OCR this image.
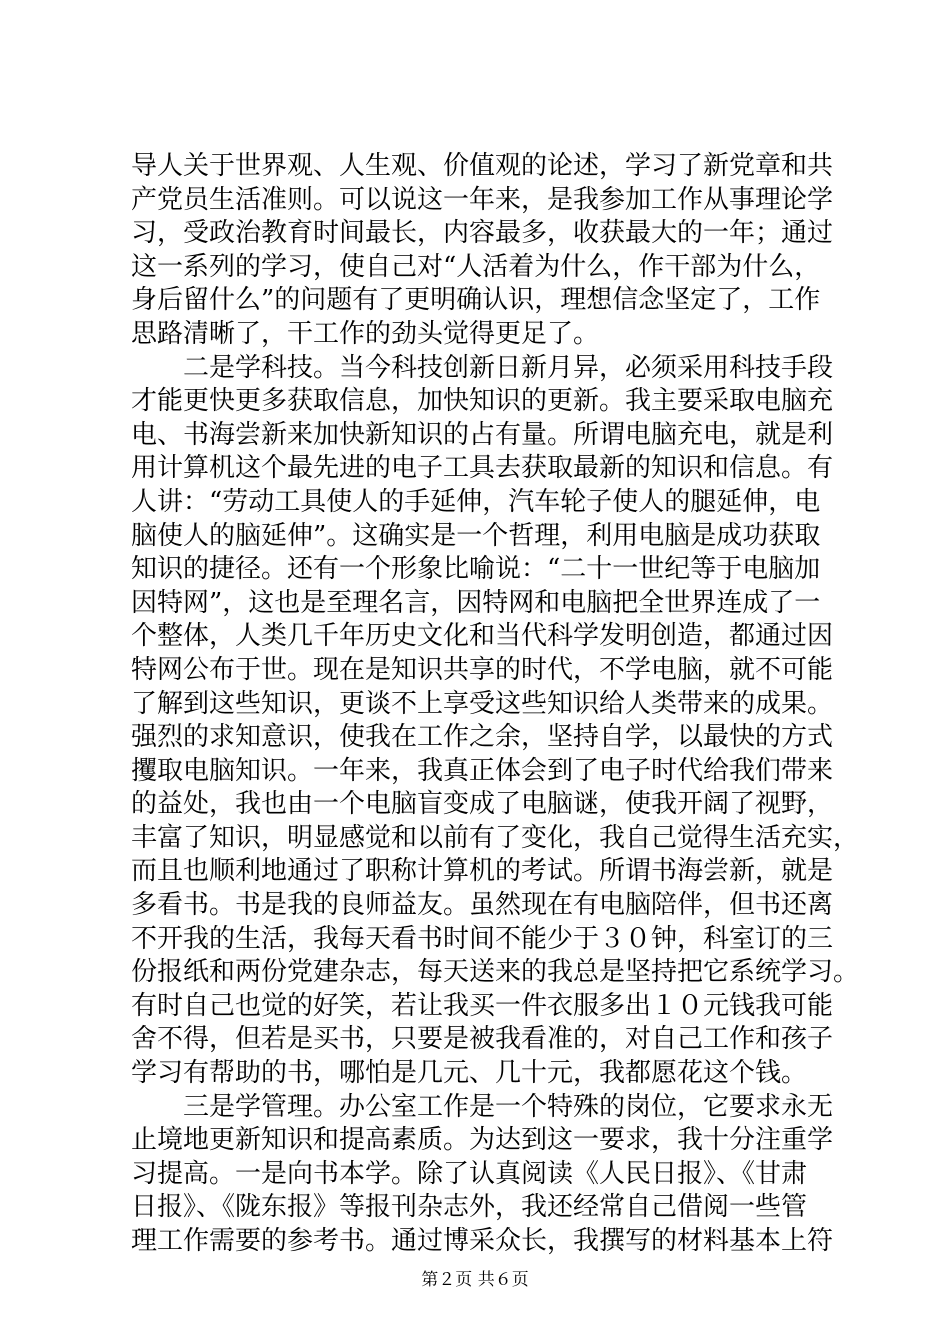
导人关于世界观、人生观、价值观的论述，学习了新党章和共
产党员生活准则。可以说这一年来，是我参加工作从事理论学
习，受政治教育时间最长，内容最多，收获最大的一年；通过
这一系列的学习，使自己对“人活着为什么，作干部为什么，
身后留什么”的问题有了更明确认识，理想信念坚定了，工作
思路清晰了，干工作的劲头觉得更足了。
　　二是学科技。当今科技创新日新月异，必须采用科技手段
才能更快更多获取信息，加快知识的更新。我主要采取电脑充
电、书海尝新来加快新知识的占有量。所谓电脑充电，就是利
用计算机这个最先进的电子工具去获取最新的知识和信息。有
人讲：“劳动工具使人的手延伸，汽车轮子使人的腿延伸，电
脑使人的脑延伸”。这确实是一个哲理，利用电脑是成功获取
知识的捷径。还有一个形象比喻说：“二十一世纪等于电脑加
因特网”，这也是至理名言，因特网和电脑把全世界连成了一
个整体，人类几千年历史文化和当代科学发明创造，都通过因
特网公布于世。现在是知识共享的时代，不学电脑，就不可能
了解到这些知识，更谈不上享受这些知识给人类带来的成果。
强烈的求知意识，使我在工作之余，坚持自学，以最快的方式
攫取电脑知识。一年来，我真正体会到了电子时代给我们带来
的益处，我也由一个电脑盲变成了电脑谜，使我开阔了视野，
丰富了知识，明显感觉和以前有了变化，我自己觉得生活充实，
而且也顺利地通过了职称计算机的考试。所谓书海尝新，就是
多看书。书是我的良师益友。虽然现在有电脑陪伴，但书还离
不开我的生活，我每天看书时间不能少于３０钟，科室订的三
份报纸和两份党建杂志，每天送来的我总是坚持把它系统学习。
有时自己也觉的好笑，若让我买一件衣服多出１０元钱我可能
舍不得，但若是买书，只要是被我看准的，对自己工作和孩子
学习有帮助的书，哪怕是几元、几十元，我都愿花这个钱。
　　三是学管理。办公室工作是一个特殊的岗位，它要求永无
止境地更新知识和提高素质。为达到这一要求，我十分注重学
习提高。一是向书本学。除了认真阅读《人民日报》、《甘肃
日报》、《陇东报》等报刊杂志外，我还经常自己借阅一些管
理工作需要的参考书。通过博采众长，我撰写的材料基本上符
第２页 共６页
